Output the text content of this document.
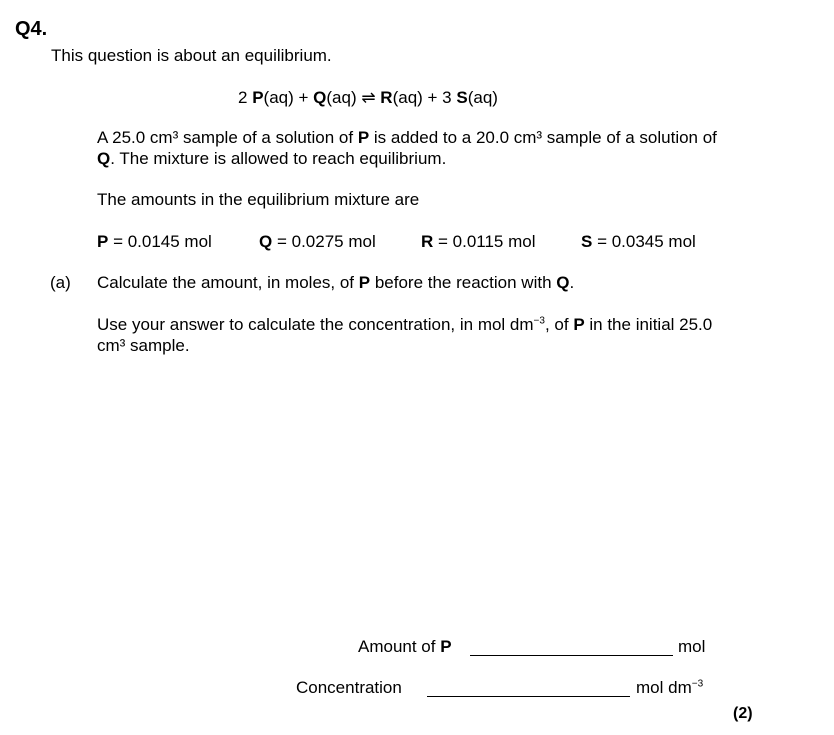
Q4.
This question is about an equilibrium.
2 P(aq) + Q(aq) ⇌ R(aq) + 3 S(aq)
A 25.0 cm³ sample of a solution of P is added to a 20.0 cm³ sample of a solution of Q. The mixture is allowed to reach equilibrium.
The amounts in the equilibrium mixture are
P = 0.0145 mol	Q = 0.0275 mol	R = 0.0115 mol	S = 0.0345 mol
(a) Calculate the amount, in moles, of P before the reaction with Q.
Use your answer to calculate the concentration, in mol $dm^{-3}$, of P in the initial 25.0 cm³ sample.
Amount of P	mol
Concentration	mol $dm^{-3}$
(2)
